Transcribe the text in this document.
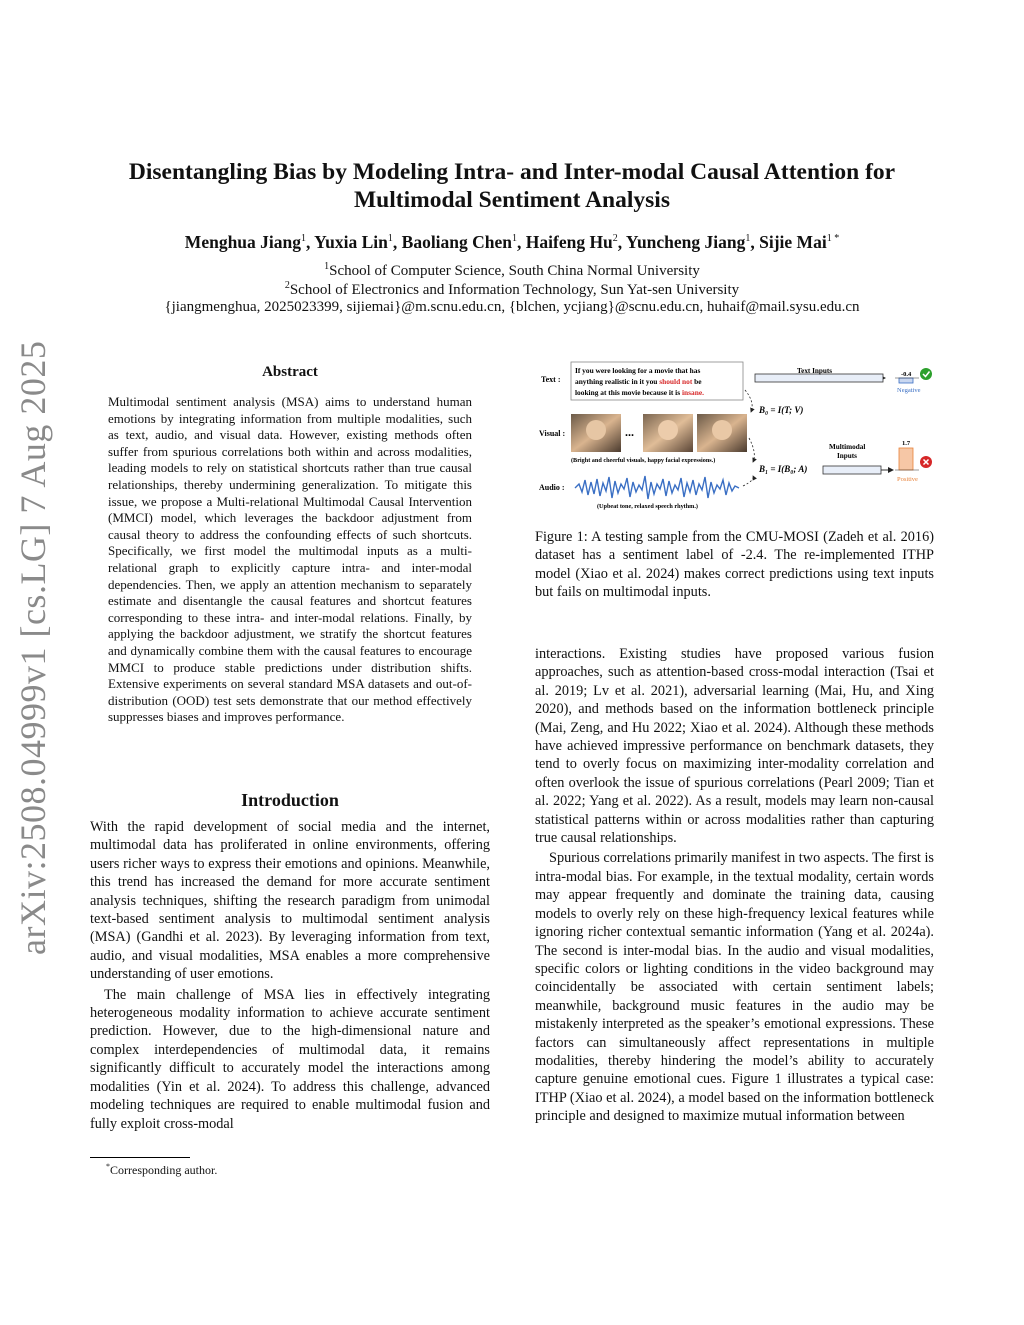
arXiv:2508.04999v1 [cs.LG] 7 Aug 2025
Disentangling Bias by Modeling Intra- and Inter-modal Causal Attention for
Multimodal Sentiment Analysis
Menghua Jiang$^1$, Yuxia Lin$^1$, Baoliang Chen$^1$, Haifeng Hu$^2$, Yuncheng Jiang$^1$, Sijie Mai$^{1 *}$
$^1$School of Computer Science, South China Normal University
$^2$School of Electronics and Information Technology, Sun Yat-sen University
{jiangmenghua, 2025023399, sijiemai}@m.scnu.edu.cn, {blchen, ycjiang}@scnu.edu.cn, huhaif@mail.sysu.edu.cn
Abstract
Multimodal sentiment analysis (MSA) aims to understand human emotions by integrating information from multiple modalities, such as text, audio, and visual data. However, existing methods often suffer from spurious correlations both within and across modalities, leading models to rely on statistical shortcuts rather than true causal relationships, thereby undermining generalization. To mitigate this issue, we propose a Multi-relational Multimodal Causal Intervention (MMCI) model, which leverages the backdoor adjustment from causal theory to address the confounding effects of such shortcuts. Specifically, we first model the multimodal inputs as a multi-relational graph to explicitly capture intra- and inter-modal dependencies. Then, we apply an attention mechanism to separately estimate and disentangle the causal features and shortcut features corresponding to these intra- and inter-modal relations. Finally, by applying the backdoor adjustment, we stratify the shortcut features and dynamically combine them with the causal features to encourage MMCI to produce stable predictions under distribution shifts. Extensive experiments on several standard MSA datasets and out-of-distribution (OOD) test sets demonstrate that our method effectively suppresses biases and improves performance.
Introduction

With the rapid development of social media and the internet, multimodal data has proliferated in online environments, offering users richer ways to express their emotions and opinions. Meanwhile, this trend has increased the demand for more accurate sentiment analysis techniques, shifting the research paradigm from unimodal text-based sentiment analysis to multimodal sentiment analysis (MSA) (Gandhi et al. 2023). By leveraging information from text, audio, and visual modalities, MSA enables a more comprehensive understanding of user emotions.

The main challenge of MSA lies in effectively integrating heterogeneous modality information to achieve accurate sentiment prediction. However, due to the high-dimensional nature and complex interdependencies of multimodal data, it remains significantly difficult to accurately model the interactions among modalities (Yin et al. 2024). To address this challenge, advanced modeling techniques are required to enable multimodal fusion and fully exploit cross-modal

*Corresponding author.
Text :
Visual :
Audio :
If you were looking for a movie that has
anything realistic in it you should not be
looking at this movie because it is insane.
...
(Bright and cheerful visuals, happy facial expressions.)
(Upbeat tone, relaxed speech rhythm.)
B₀ = I(T; V)
B₁ = I(B₀; A)
Text Inputs
Multimodal
Inputs
-0.4
Negative
1.7
Positive
Figure 1: A testing sample from the CMU-MOSI (Zadeh et al. 2016) dataset has a sentiment label of -2.4. The re-implemented ITHP model (Xiao et al. 2024) makes correct predictions using text inputs but fails on multimodal inputs.

interactions. Existing studies have proposed various fusion approaches, such as attention-based cross-modal interaction (Tsai et al. 2019; Lv et al. 2021), adversarial learning (Mai, Hu, and Xing 2020), and methods based on the information bottleneck principle (Mai, Zeng, and Hu 2022; Xiao et al. 2024). Although these methods have achieved impressive performance on benchmark datasets, they tend to overly focus on maximizing inter-modality correlation and often overlook the issue of spurious correlations (Pearl 2009; Tian et al. 2022; Yang et al. 2022). As a result, models may learn non-causal statistical patterns within or across modalities rather than capturing true causal relationships.

Spurious correlations primarily manifest in two aspects. The first is intra-modal bias. For example, in the textual modality, certain words may appear frequently and dominate the training data, causing models to overly rely on these high-frequency lexical features while ignoring richer contextual semantic information (Yang et al. 2024a). The second is inter-modal bias. In the audio and visual modalities, specific colors or lighting conditions in the video background may coincidentally be associated with certain sentiment labels; meanwhile, background music features in the audio may be mistakenly interpreted as the speaker’s emotional expressions. These factors can simultaneously affect representations in multiple modalities, thereby hindering the model’s ability to accurately capture genuine emotional cues. Figure 1 illustrates a typical case: ITHP (Xiao et al. 2024), a model based on the information bottleneck principle and designed to maximize mutual information between
